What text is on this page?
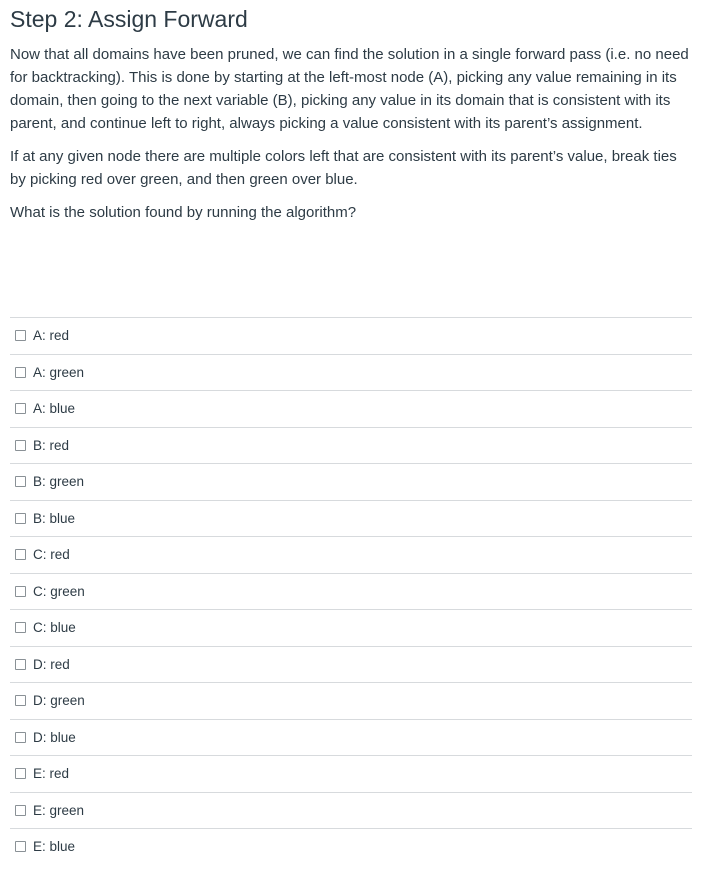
Step 2: Assign Forward

Now that all domains have been pruned, we can find the solution in a single forward pass (i.e. no need for backtracking). This is done by starting at the left-most node (A), picking any value remaining in its domain, then going to the next variable (B), picking any value in its domain that is consistent with its parent, and continue left to right, always picking a value consistent with its parent’s assignment.

If at any given node there are multiple colors left that are consistent with its parent’s value, break ties by picking red over green, and then green over blue.

What is the solution found by running the algorithm?

A: red
A: green
A: blue
B: red
B: green
B: blue
C: red
C: green
C: blue
D: red
D: green
D: blue
E: red
E: green
E: blue
